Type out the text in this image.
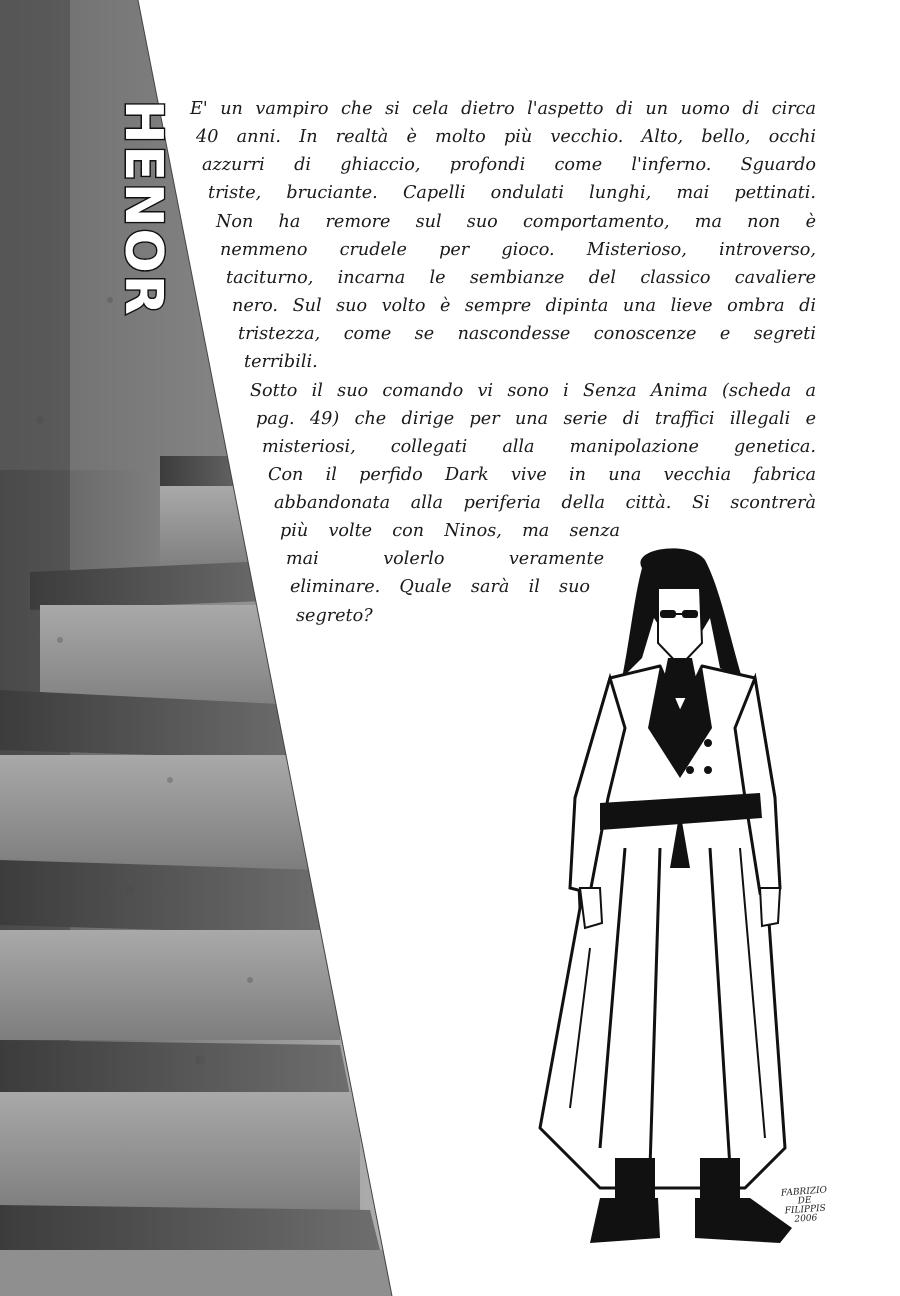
HENOR E' un vampiro che si cela dietro l'aspetto di un uomo di circa
40 anni. In realtà è molto più vecchio. Alto, bello, occhi
azzurri di ghiaccio, profondi come l'inferno. Sguardo
triste, bruciante. Capelli ondulati lunghi, mai pettinati.
Non ha remore sul suo comportamento, ma non è
nemmeno crudele per gioco. Misterioso, introverso,
taciturno, incarna le sembianze del classico cavaliere
nero. Sul suo volto è sempre dipinta una lieve ombra di
tristezza, come se nascondesse conoscenze e segreti
terribili.
Sotto il suo comando vi sono i Senza Anima (scheda a
pag. 49) che dirige per una serie di traffici illegali e
misteriosi, collegati alla manipolazione genetica.
Con il perfido Dark vive in una vecchia fabrica
abbandonata alla periferia della città. Si scontrerà
più volte con Ninos, ma senza
mai volerlo veramente
eliminare. Quale sarà il suo
segreto?
FABRIZIO
DE
FILIPPIS
2006
